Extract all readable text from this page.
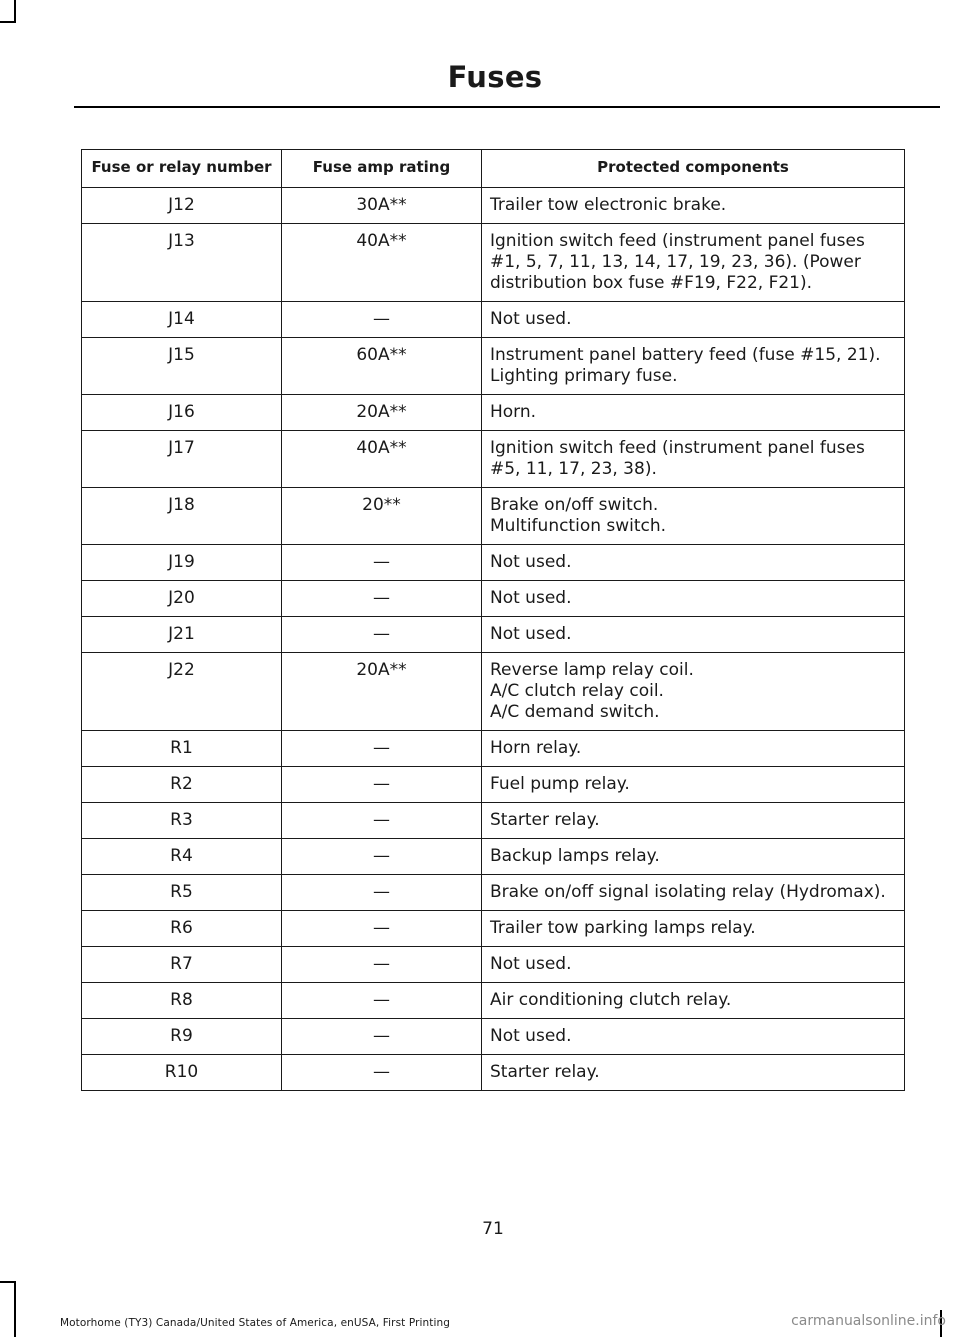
Fuses
Fuse or relay number	Fuse amp rating	Protected components
J12	30A**	Trailer tow electronic brake.

J13	40A**	Ignition switch feed (instrument panel fuses #1, 5, 7, 11, 13, 14, 17, 19, 23, 36). (Power distribution box fuse #F19, F22, F21).

J14	—	Not used.

J15	60A**	Instrument panel battery feed (fuse #15, 21).
Lighting primary fuse.

J16	20A**	Horn.

J17	40A**	Ignition switch feed (instrument panel fuses #5, 11, 17, 23, 38).

J18	20**	Brake on/off switch.
Multifunction switch.

J19	—	Not used.

J20	—	Not used.

J21	—	Not used.

J22	20A**	Reverse lamp relay coil.
A/C clutch relay coil.
A/C demand switch.

R1	—	Horn relay.

R2	—	Fuel pump relay.

R3	—	Starter relay.

R4	—	Backup lamps relay.

R5	—	Brake on/off signal isolating relay (Hydromax).

R6	—	Trailer tow parking lamps relay.

R7	—	Not used.

R8	—	Air conditioning clutch relay.

R9	—	Not used.

R10	—	Starter relay.
71
Motorhome (TY3) Canada/United States of America, enUSA, First Printing	carmanualsonline.info
